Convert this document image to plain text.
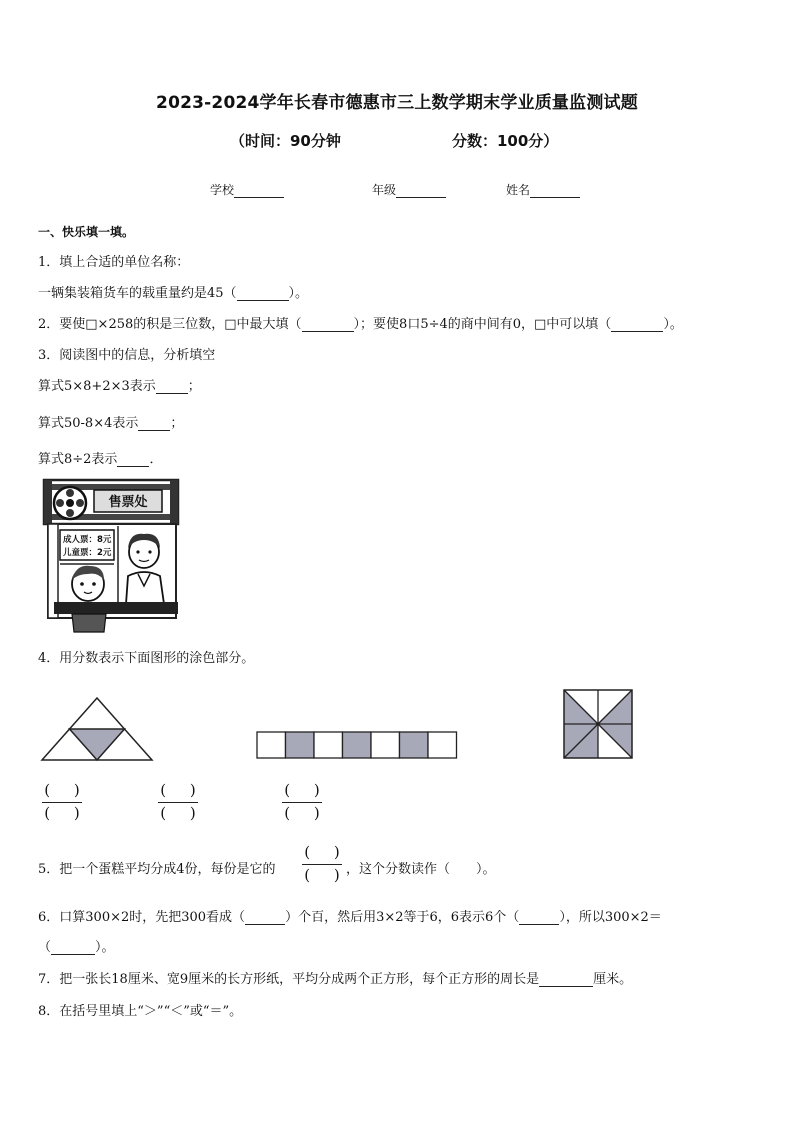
2023-2024学年长春市德惠市三上数学期末学业质量监测试题
（时间：90分钟	分数：100分）
学校	年级	姓名
一、快乐填一填。
1．填上合适的单位名称：
一辆集装箱货车的载重量约是45（	）。
2．要使□×258的积是三位数，□中最大填（	）；要使8口5÷4的商中间有0，□中可以填（	）。
3．阅读图中的信息，分析填空
算式5×8+2×3表示 ；
算式50-8×4表示 ；
算式8÷2表示 ．
售票处
成人票：8元
儿童票：2元
4．用分数表示下面图形的涂色部分。
( )
( )
( )
( )
( )
( )
5．把一个蛋糕平均分成4份，每份是它的
( )
( ) ，这个分数读作（ ）。
6．口算300×2时，先把300看成（	）个百，然后用3×2等于6，6表示6个（	），所以300×2＝
（	）。
7．把一张长18厘米、宽9厘米的长方形纸，平均分成两个正方形，每个正方形的周长是	厘米。
8．在括号里填上“＞”“＜”或“＝”。
